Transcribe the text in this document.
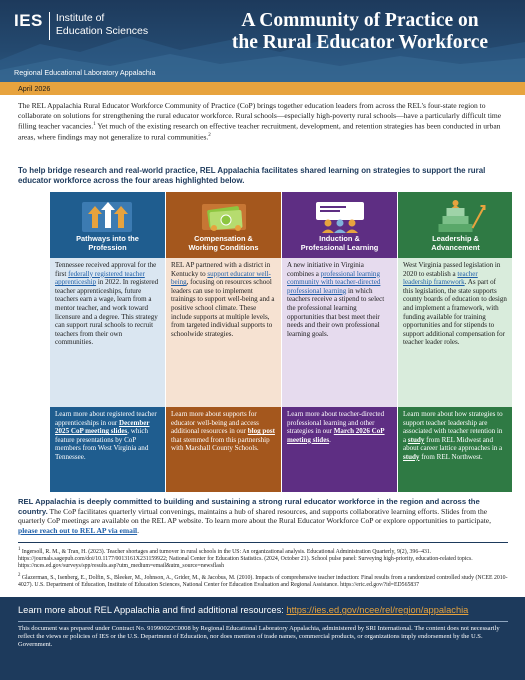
IES Institute of
Education Sciences
Regional Educational Laboratory Appalachia
A Community of Practice on
the Rural Educator Workforce
April 2026
The REL Appalachia Rural Educator Workforce Community of Practice (CoP) brings together education leaders from across the REL's four-state region to collaborate on solutions for strengthening the rural educator workforce. Rural schools—especially high-poverty rural schools—have a particularly difficult time filling teacher vacancies.$^1$ Yet much of the existing research on effective teacher recruitment, development, and retention strategies has been conducted in urban areas, where findings may not generalize to rural communities.$^2$
To help bridge research and real-world practice, REL Appalachia facilitates shared learning on strategies to support the rural educator workforce across the four areas highlighted below.
Pathways into the
Profession
Tennessee received approval for the first federally registered teacher apprenticeship in 2022. In registered teacher apprenticeships, future teachers earn a wage, learn from a mentor teacher, and work toward licensure and a degree. This strategy can support rural schools to recruit teachers from their own communities.
Learn more about registered teacher apprenticeships in our December 2025 CoP meeting slides, which feature presentations by CoP members from West Virginia and Tennessee.
Compensation &
Working Conditions
REL AP partnered with a district in Kentucky to support educator well-being, focusing on resources school leaders can use to implement trainings to support well-being and a positive school climate. These include supports at multiple levels, from targeted individual supports to schoolwide strategies.
Learn more about supports for educator well-being and access additional resources in our blog post that stemmed from this partnership with Marshall County Schools.
Induction &
Professional Learning
A new initiative in Virginia combines a professional learning community with teacher-directed professional learning in which teachers receive a stipend to select the professional learning opportunities that best meet their needs and their own professional learning goals.
Learn more about teacher-directed professional learning and other strategies in our March 2026 CoP meeting slides.
Leadership &
Advancement
West Virginia passed legislation in 2020 to establish a teacher leadership framework. As part of this legislation, the state supports county boards of education to design and implement a framework, with funding available for training opportunities and for stipends to support additional compensation for teacher leader roles.
Learn more about how strategies to support teacher leadership are associated with teacher retention in a study from REL Midwest and about career lattice approaches in a study from REL Northwest.
REL Appalachia is deeply committed to building and sustaining a strong rural educator workforce in the region and across the country. The CoP facilitates quarterly virtual convenings, maintains a hub of shared resources, and supports collaborative learning efforts. Slides from the quarterly CoP meetings are available on the REL AP website. To learn more about the Rural Educator Workforce CoP or explore opportunities to participate, please reach out to REL AP via email.

$^1$ Ingersoll, R. M., & Tran, H. (2023). Teacher shortages and turnover in rural schools in the US: An organizational analysis. Educational Administration Quarterly, 9(2), 396–431. https://journals.sagepub.com/doi/10.1177/0013161X231159922; National Center for Education Statistics. (2024, October 21). School pulse panel: Surveying high-priority, education-related topics. https://nces.ed.gov/surveys/spp/results.asp?utm_medium=email&utm_source=newsflash

$^2$ Glazerman, S., Isenberg, E., Dolfin, S., Bleeker, M., Johnson, A., Grider, M., & Jacobus, M. (2010). Impacts of comprehensive teacher induction: Final results from a randomized controlled study (NCEE 2010-4027). U.S. Department of Education, Institute of Education Sciences, National Center for Education Evaluation and Regional Assistance. https://eric.ed.gov/?id=ED565837

Learn more about REL Appalachia and find additional resources: https://ies.ed.gov/ncee/rel/region/appalachia
This document was prepared under Contract No. 91990022C0008 by Regional Educational Laboratory Appalachia, administered by SRI International. The content does not necessarily reflect the views or policies of IES or the U.S. Department of Education, nor does mention of trade names, commercial products, or organizations imply endorsement by the U.S. Government.
